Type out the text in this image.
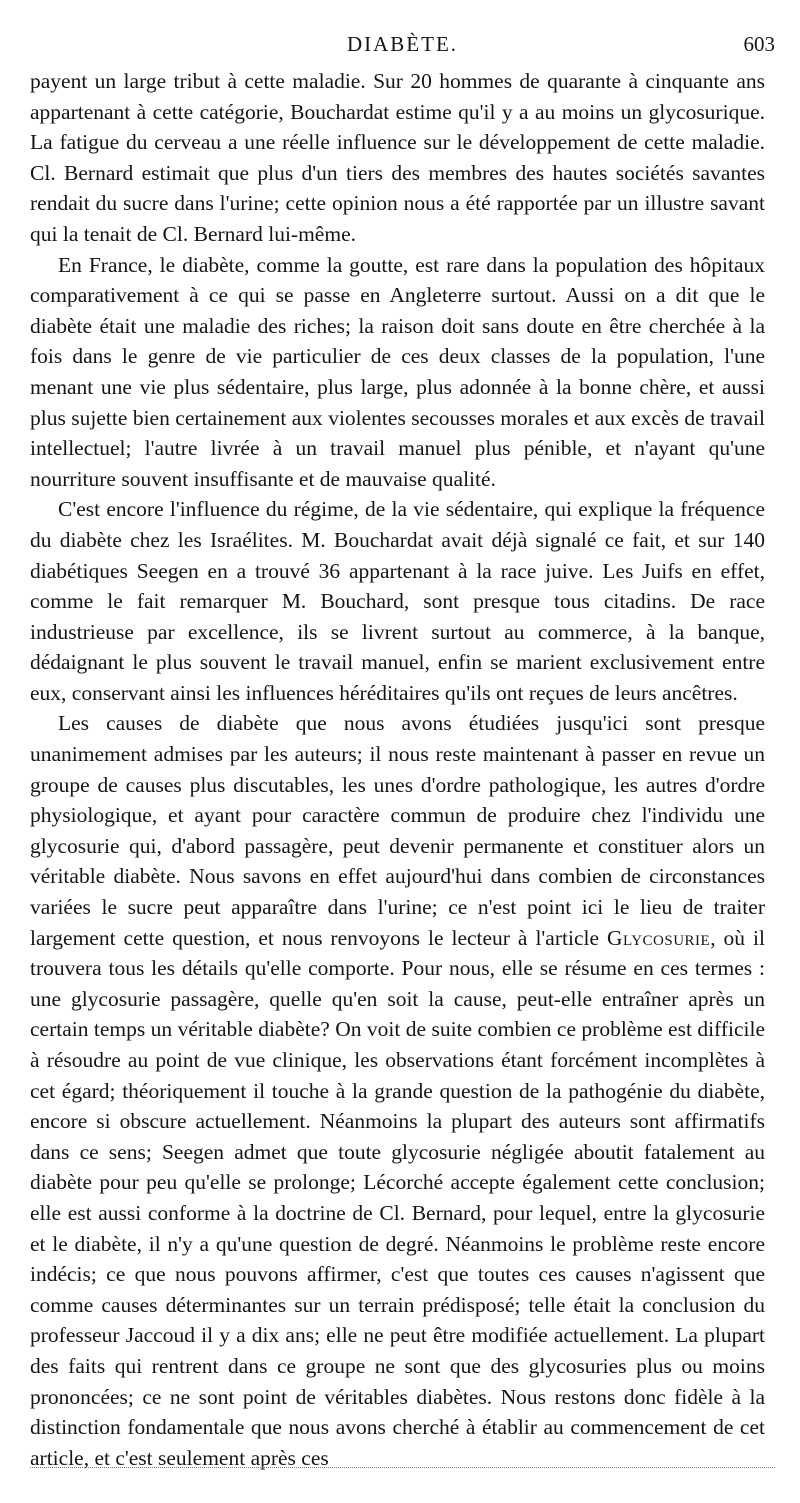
DIABÈTE.	603

payent un large tribut à cette maladie. Sur 20 hommes de quarante à cinquante ans appartenant à cette catégorie, Bouchardat estime qu'il y a au moins un glycosurique. La fatigue du cerveau a une réelle influence sur le développement de cette maladie. Cl. Bernard estimait que plus d'un tiers des membres des hautes sociétés savantes rendait du sucre dans l'urine; cette opinion nous a été rapportée par un illustre savant qui la tenait de Cl. Bernard lui-même.

En France, le diabète, comme la goutte, est rare dans la population des hôpitaux comparativement à ce qui se passe en Angleterre surtout. Aussi on a dit que le diabète était une maladie des riches; la raison doit sans doute en être cherchée à la fois dans le genre de vie particulier de ces deux classes de la population, l'une menant une vie plus sédentaire, plus large, plus adonnée à la bonne chère, et aussi plus sujette bien certainement aux violentes secousses morales et aux excès de travail intellectuel; l'autre livrée à un travail manuel plus pénible, et n'ayant qu'une nourriture souvent insuffisante et de mauvaise qualité.

C'est encore l'influence du régime, de la vie sédentaire, qui explique la fréquence du diabète chez les Israélites. M. Bouchardat avait déjà signalé ce fait, et sur 140 diabétiques Seegen en a trouvé 36 appartenant à la race juive. Les Juifs en effet, comme le fait remarquer M. Bouchard, sont presque tous citadins. De race industrieuse par excellence, ils se livrent surtout au commerce, à la banque, dédaignant le plus souvent le travail manuel, enfin se marient exclusivement entre eux, conservant ainsi les influences héréditaires qu'ils ont reçues de leurs ancêtres.

Les causes de diabète que nous avons étudiées jusqu'ici sont presque unanimement admises par les auteurs; il nous reste maintenant à passer en revue un groupe de causes plus discutables, les unes d'ordre pathologique, les autres d'ordre physiologique, et ayant pour caractère commun de produire chez l'individu une glycosurie qui, d'abord passagère, peut devenir permanente et constituer alors un véritable diabète. Nous savons en effet aujourd'hui dans combien de circonstances variées le sucre peut apparaître dans l'urine; ce n'est point ici le lieu de traiter largement cette question, et nous renvoyons le lecteur à l'article Glycosurie, où il trouvera tous les détails qu'elle comporte. Pour nous, elle se résume en ces termes : une glycosurie passagère, quelle qu'en soit la cause, peut-elle entraîner après un certain temps un véritable diabète? On voit de suite combien ce problème est difficile à résoudre au point de vue clinique, les observations étant forcément incomplètes à cet égard; théoriquement il touche à la grande question de la pathogénie du diabète, encore si obscure actuellement. Néanmoins la plupart des auteurs sont affirmatifs dans ce sens; Seegen admet que toute glycosurie négligée aboutit fatalement au diabète pour peu qu'elle se prolonge; Lécorché accepte également cette conclusion; elle est aussi conforme à la doctrine de Cl. Bernard, pour lequel, entre la glycosurie et le diabète, il n'y a qu'une question de degré. Néanmoins le problème reste encore indécis; ce que nous pouvons affirmer, c'est que toutes ces causes n'agissent que comme causes déterminantes sur un terrain prédisposé; telle était la conclusion du professeur Jaccoud il y a dix ans; elle ne peut être modifiée actuellement. La plupart des faits qui rentrent dans ce groupe ne sont que des glycosuries plus ou moins prononcées; ce ne sont point de véritables diabètes. Nous restons donc fidèle à la distinction fondamentale que nous avons cherché à établir au commencement de cet article, et c'est seulement après ces
